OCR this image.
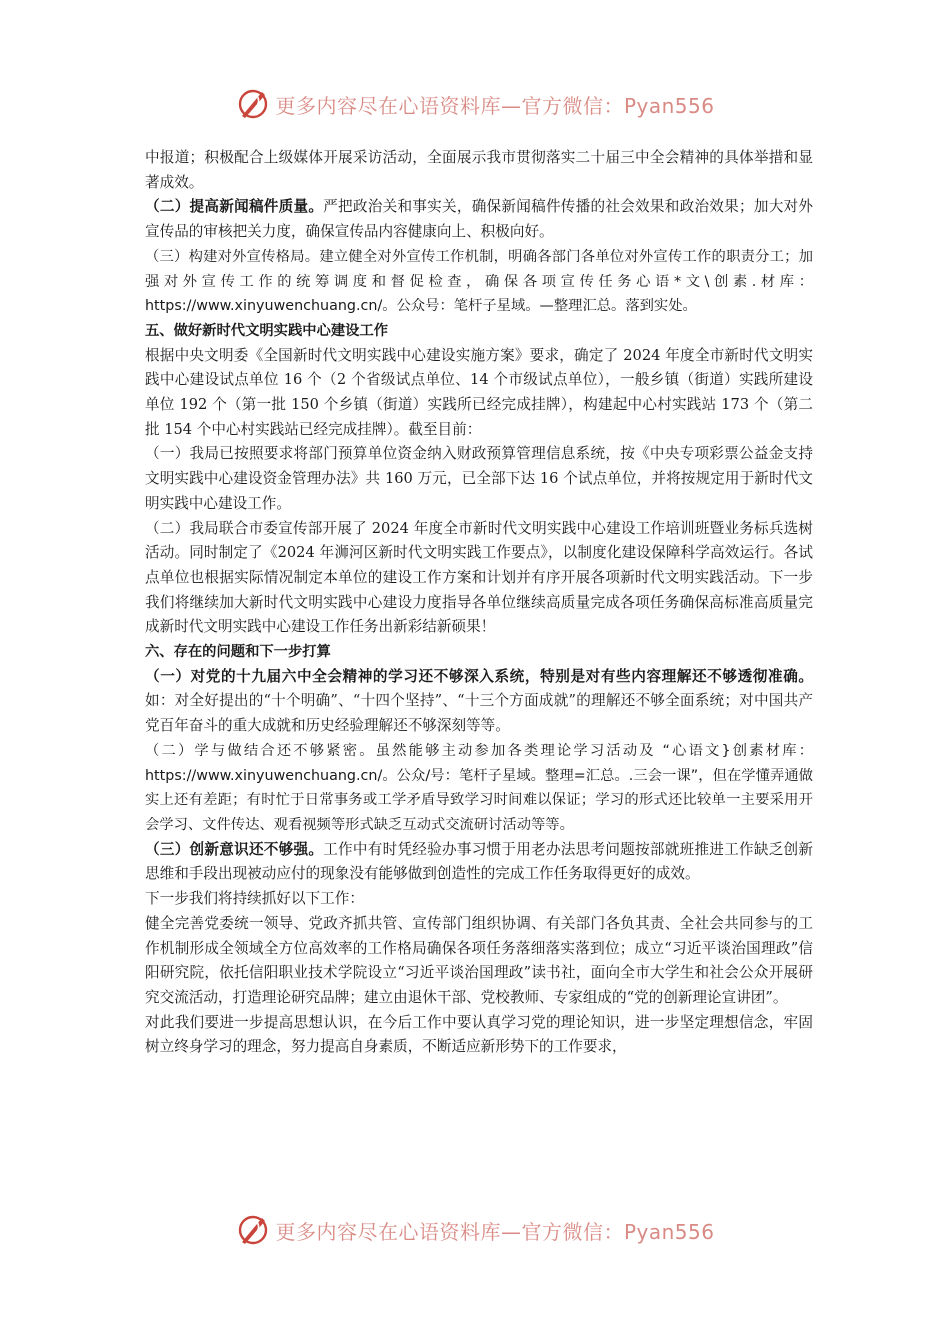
更多内容尽在心语资料库—官方微信：Pyan556

中报道；积极配合上级媒体开展采访活动，全面展示我市贯彻落实二十届三中全会精神的具体举措和显著成效。

（二）提高新闻稿件质量。严把政治关和事实关，确保新闻稿件传播的社会效果和政治效果；加大对外宣传品的审核把关力度，确保宣传品内容健康向上、积极向好。

（三）构建对外宣传格局。建立健全对外宣传工作机制，明确各部门各单位对外宣传工作的职责分工；加强对外宣传工作的统筹调度和督促检查，确保各项宣传任务心语*文\创素.材库：https://www.xinyuwenchuang.cn/。公众号：笔杆子星域。—整理汇总。落到实处。

五、做好新时代文明实践中心建设工作

根据中央文明委《全国新时代文明实践中心建设实施方案》要求，确定了 2024 年度全市新时代文明实践中心建设试点单位 16 个（2 个省级试点单位、14 个市级试点单位），一般乡镇（街道）实践所建设单位 192 个（第一批 150 个乡镇（街道）实践所已经完成挂牌），构建起中心村实践站 173 个（第二批 154 个中心村实践站已经完成挂牌）。截至目前：

（一）我局已按照要求将部门预算单位资金纳入财政预算管理信息系统，按《中央专项彩票公益金支持文明实践中心建设资金管理办法》共 160 万元，已全部下达 16 个试点单位，并将按规定用于新时代文明实践中心建设工作。

（二）我局联合市委宣传部开展了 2024 年度全市新时代文明实践中心建设工作培训班暨业务标兵选树活动。同时制定了《2024 年浉河区新时代文明实践工作要点》，以制度化建设保障科学高效运行。各试点单位也根据实际情况制定本单位的建设工作方案和计划并有序开展各项新时代文明实践活动。下一步我们将继续加大新时代文明实践中心建设力度指导各单位继续高质量完成各项任务确保高标准高质量完成新时代文明实践中心建设工作任务出新彩结新硕果！

六、存在的问题和下一步打算

（一）对党的十九届六中全会精神的学习还不够深入系统，特别是对有些内容理解还不够透彻准确。如：对全好提出的“十个明确”、“十四个坚持”、“十三个方面成就”的理解还不够全面系统；对中国共产党百年奋斗的重大成就和历史经验理解还不够深刻等等。

（二）学与做结合还不够紧密。虽然能够主动参加各类理论学习活动及 “心语文}创素材库：https://www.xinyuwenchuang.cn/。公众/号：笔杆子星域。整理=汇总。.三会一课”，但在学懂弄通做实上还有差距；有时忙于日常事务或工学矛盾导致学习时间难以保证；学习的形式还比较单一主要采用开会学习、文件传达、观看视频等形式缺乏互动式交流研讨活动等等。

（三）创新意识还不够强。工作中有时凭经验办事习惯于用老办法思考问题按部就班推进工作缺乏创新思维和手段出现被动应付的现象没有能够做到创造性的完成工作任务取得更好的成效。

下一步我们将持续抓好以下工作：

健全完善党委统一领导、党政齐抓共管、宣传部门组织协调、有关部门各负其责、全社会共同参与的工作机制形成全领域全方位高效率的工作格局确保各项任务落细落实落到位；成立“习近平谈治国理政”信阳研究院，依托信阳职业技术学院设立“习近平谈治国理政”读书社，面向全市大学生和社会公众开展研究交流活动，打造理论研究品牌；建立由退休干部、党校教师、专家组成的“党的创新理论宣讲团”。

对此我们要进一步提高思想认识，在今后工作中要认真学习党的理论知识，进一步坚定理想信念，牢固树立终身学习的理念，努力提高自身素质，不断适应新形势下的工作要求，

更多内容尽在心语资料库—官方微信：Pyan556
